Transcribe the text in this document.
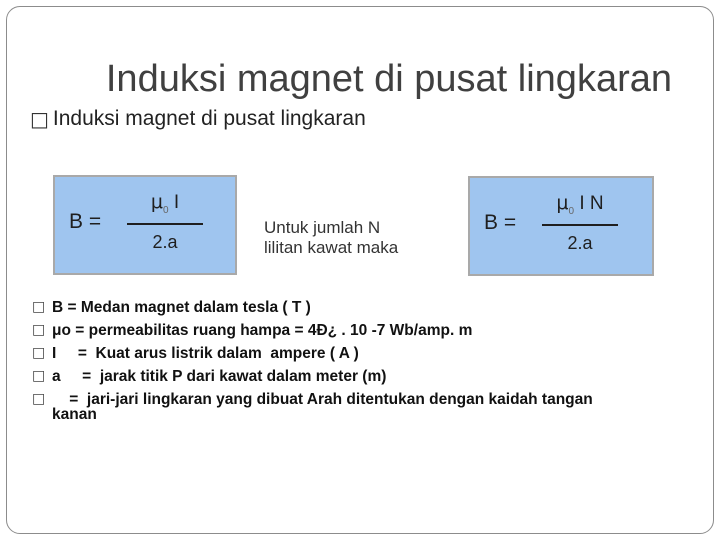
Induksi magnet di pusat lingkaran
□ Induksi magnet di pusat lingkaran
B =
$\mu_0$ I
2.a
Untuk jumlah N
lilitan kawat maka
B =
$\mu_0$ I N
2.a
□ B = Medan magnet dalam tesla ( T )
□ μo = permeabilitas ruang hampa = 4Ð¿ . 10 -7 Wb/amp. m
□ I     =  Kuat arus listrik dalam  ampere ( A )
□ a     =  jarak titik P dari kawat dalam meter (m)
□ =  jari-jari lingkaran yang dibuat Arah ditentukan dengan kaidah tangan
kanan
